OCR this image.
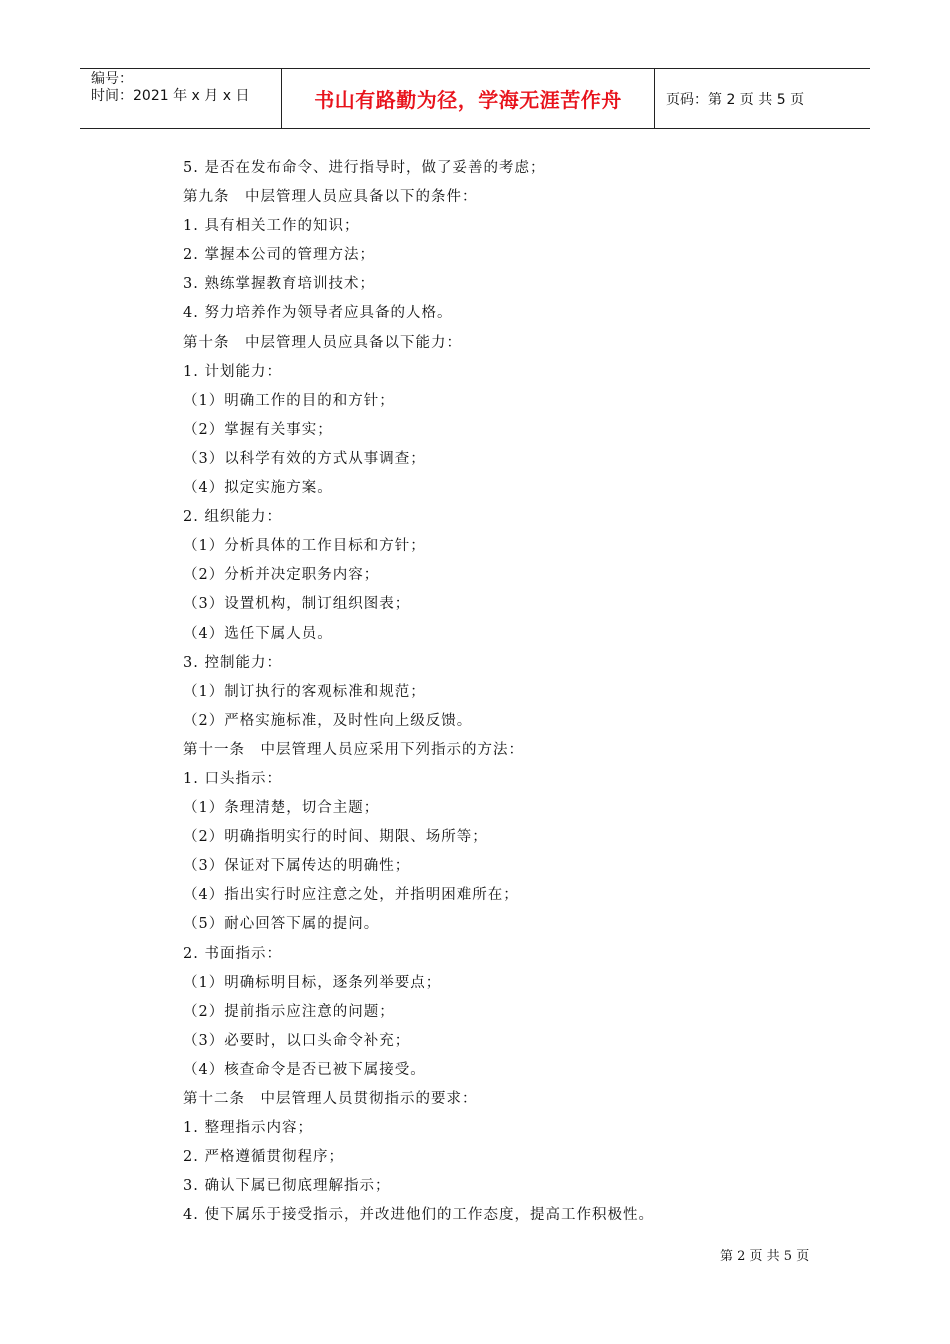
编号：
时间：2021 年 x 月 x 日	书山有路勤为径，学海无涯苦作舟	页码：第 2 页 共 5 页
5. 是否在发布命令、进行指导时，做了妥善的考虑；
第九条　中层管理人员应具备以下的条件：
1. 具有相关工作的知识；
2. 掌握本公司的管理方法；
3. 熟练掌握教育培训技术；
4. 努力培养作为领导者应具备的人格。
第十条　中层管理人员应具备以下能力：
1. 计划能力：
（1）明确工作的目的和方针；
（2）掌握有关事实；
（3）以科学有效的方式从事调查；
（4）拟定实施方案。
2. 组织能力：
（1）分析具体的工作目标和方针；
（2）分析并决定职务内容；
（3）设置机构，制订组织图表；
（4）选任下属人员。
3. 控制能力：
（1）制订执行的客观标准和规范；
（2）严格实施标准，及时性向上级反馈。
第十一条　中层管理人员应采用下列指示的方法：
1. 口头指示：
（1）条理清楚，切合主题；
（2）明确指明实行的时间、期限、场所等；
（3）保证对下属传达的明确性；
（4）指出实行时应注意之处，并指明困难所在；
（5）耐心回答下属的提问。
2. 书面指示：
（1）明确标明目标，逐条列举要点；
（2）提前指示应注意的问题；
（3）必要时，以口头命令补充；
（4）核查命令是否已被下属接受。
第十二条　中层管理人员贯彻指示的要求：
1. 整理指示内容；
2. 严格遵循贯彻程序；
3. 确认下属已彻底理解指示；
4. 使下属乐于接受指示，并改进他们的工作态度，提高工作积极性。
第 2 页 共 5 页
